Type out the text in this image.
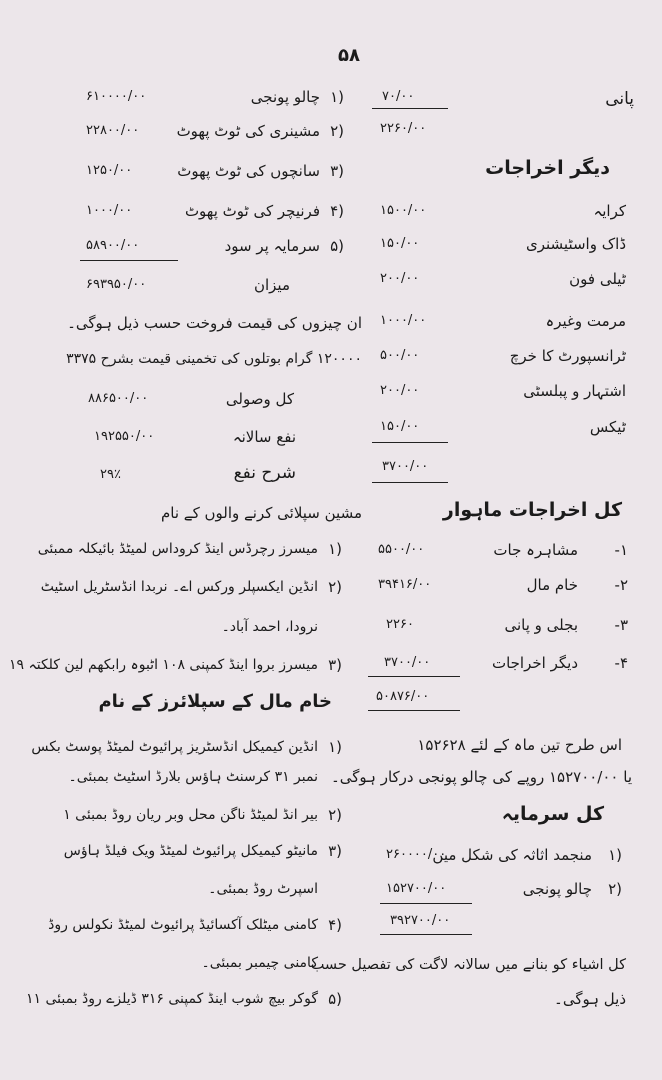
۵۸
پانی
۷۰/۰۰
۲۲۶۰/۰۰
دیگر اخراجات
کرایہ
۱۵۰۰/۰۰
ڈاک واسٹیشنری
۱۵۰/۰۰
ٹیلی فون
۲۰۰/۰۰
مرمت وغیرہ
۱۰۰۰/۰۰
ٹرانسپورٹ کا خرچ
۵۰۰/۰۰
اشتہار و پبلسٹی
۲۰۰/۰۰
ٹیکس
۱۵۰/۰۰
۳۷۰۰/۰۰
کل اخراجات ماہوار
۱-
مشاہرہ جات
۵۵۰۰/۰۰
۲-
خام مال
۳۹۴۱۶/۰۰
۳-
بجلی و پانی
۲۲۶۰
۴-
دیگر اخراجات
۳۷۰۰/۰۰
۵۰۸۷۶/۰۰
اس طرح تین ماہ کے لئے ۱۵۲۶۲۸
یا ۱۵۲۷۰۰/۰۰ روپے کی چالو پونجی درکار ہوگی۔
کل سرمایہ
(۱
منجمد اثاثہ کی شکل میں
۲۶۰۰۰۰/۰۰
(۲
چالو پونجی
۱۵۲۷۰۰/۰۰
۳۹۲۷۰۰/۰۰
کل اشیاء کو بنانے میں سالانہ لاگت کی تفصیل حسب
ذیل ہوگی۔
(۱
چالو پونجی
۶۱۰۰۰۰/۰۰
(۲
مشینری کی ٹوٹ پھوٹ
۲۲۸۰۰/۰۰
(۳
سانچوں کی ٹوٹ پھوٹ
۱۲۵۰/۰۰
(۴
فرنیچر کی ٹوٹ پھوٹ
۱۰۰۰/۰۰
(۵
سرمایہ پر سود
۵۸۹۰۰/۰۰
میزان
۶۹۳۹۵۰/۰۰
ان چیزوں کی قیمت فروخت حسب ذیل ہوگی۔
۱۲۰۰۰۰ گرام بوتلوں کی تخمینی قیمت بشرح ۳۳۷۵
کل وصولی
۸۸۶۵۰۰/۰۰
نفع سالانہ
۱۹۲۵۵۰/۰۰
شرح نفع
۲۹٪
مشین سپلائی کرنے والوں کے نام
(۱
میسرز رچرڈس اینڈ کروداس لمیٹڈ بائیکلہ ممبئی
(۲
انڈین ایکسپلر ورکس اے۔ نربدا انڈسٹریل اسٹیٹ
نرودا، احمد آباد۔
(۳
میسرز بروا اینڈ کمپنی ۱۰۸ اٹبوہ رابکھم لین کلکتہ ۱۹
خام مال کے سپلائرز کے نام
(۱
انڈین کیمیکل انڈسٹریز پرائیوٹ لمیٹڈ پوسٹ بکس
نمبر ۳۱ کرسنٹ ہاؤس بلارڈ اسٹیٹ بمبئی۔
(۲
بیر انڈ لمیٹڈ ناگن محل وبر ریان روڈ بمبئی ۱
(۳
مانیٹو کیمیکل پرائیوٹ لمیٹڈ ویک فیلڈ ہاؤس
اسپرٹ روڈ بمبئی۔
(۴
کامنی میٹلک آکسائیڈ پرائیوٹ لمیٹڈ نکولس روڈ
کامنی چیمبر بمبئی۔
(۵
گوکر بیچ شوب اینڈ کمپنی ۳۱۶ ڈیلزے روڈ بمبئی ۱۱
